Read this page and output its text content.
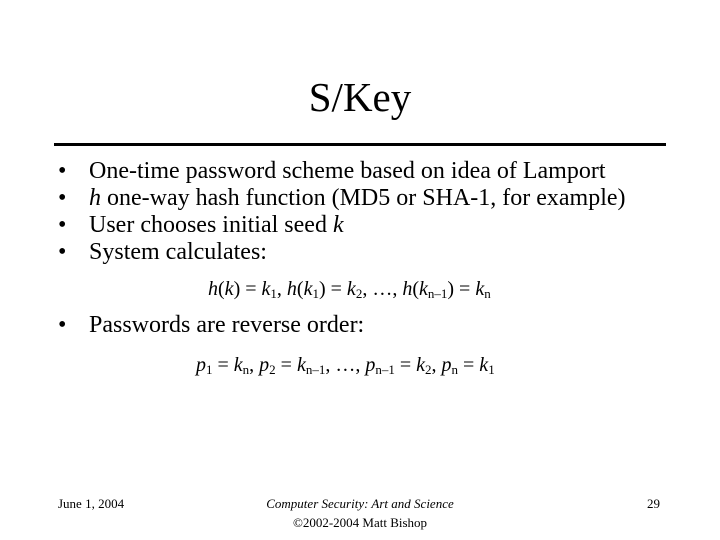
S/Key
• One-time password scheme based on idea of Lamport
• h one-way hash function (MD5 or SHA-1, for example)
• User chooses initial seed k
• System calculates:
$h(k) = k_1$, $h(k_1) = k_2$, …, $h(k_{n-1}) = k_n$
• Passwords are reverse order:
$p_1 = k_n$, $p_2 = k_{n-1}$, …, $p_{n-1} = k_2$, $p_n = k_1$
June 1, 2004	Computer Security: Art and Science
©2002-2004 Matt Bishop
29
